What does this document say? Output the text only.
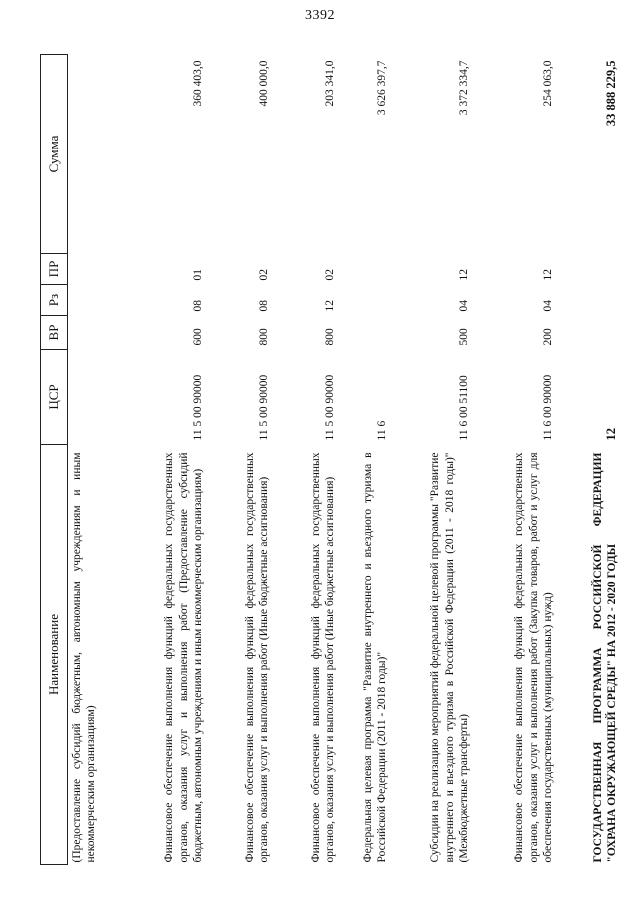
3392
Наименование	ЦСР	ВР	Рз	ПР	Сумма
(Предоставление субсидий бюджетным, автономным учреждениям и иным некоммерческим организациям)					
Финансовое обеспечение выполнения функций федеральных государственных органов, оказания услуг и выполнения работ (Предоставление субсидий бюджетным, автономным учреждениям и иным некоммерческим организациям)	11 5 00 90000	600	08	01	360 403,0
Финансовое обеспечение выполнения функций федеральных государственных органов, оказания услуг и выполнения работ (Иные бюджетные ассигнования)	11 5 00 90000	800	08	02	400 000,0
Финансовое обеспечение выполнения функций федеральных государственных органов, оказания услуг и выполнения работ (Иные бюджетные ассигнования)	11 5 00 90000	800	12	02	203 341,0
Федеральная целевая программа "Развитие внутреннего и въездного туризма в Российской Федерации (2011 - 2018 годы)"	11 6				3 626 397,7
Субсидии на реализацию мероприятий федеральной целевой программы "Развитие внутреннего и въездного туризма в Российской Федерации (2011 - 2018 годы)" (Межбюджетные трансферты)	11 6 00 51100	500	04	12	3 372 334,7
Финансовое обеспечение выполнения функций федеральных государственных органов, оказания услуг и выполнения работ (Закупка товаров, работ и услуг для обеспечения государственных (муниципальных) нужд)	11 6 00 90000	200	04	12	254 063,0
ГОСУДАРСТВЕННАЯ ПРОГРАММА РОССИЙСКОЙ ФЕДЕРАЦИИ "ОХРАНА ОКРУЖАЮЩЕЙ СРЕДЫ" НА 2012 - 2020 ГОДЫ	12				33 888 229,5
